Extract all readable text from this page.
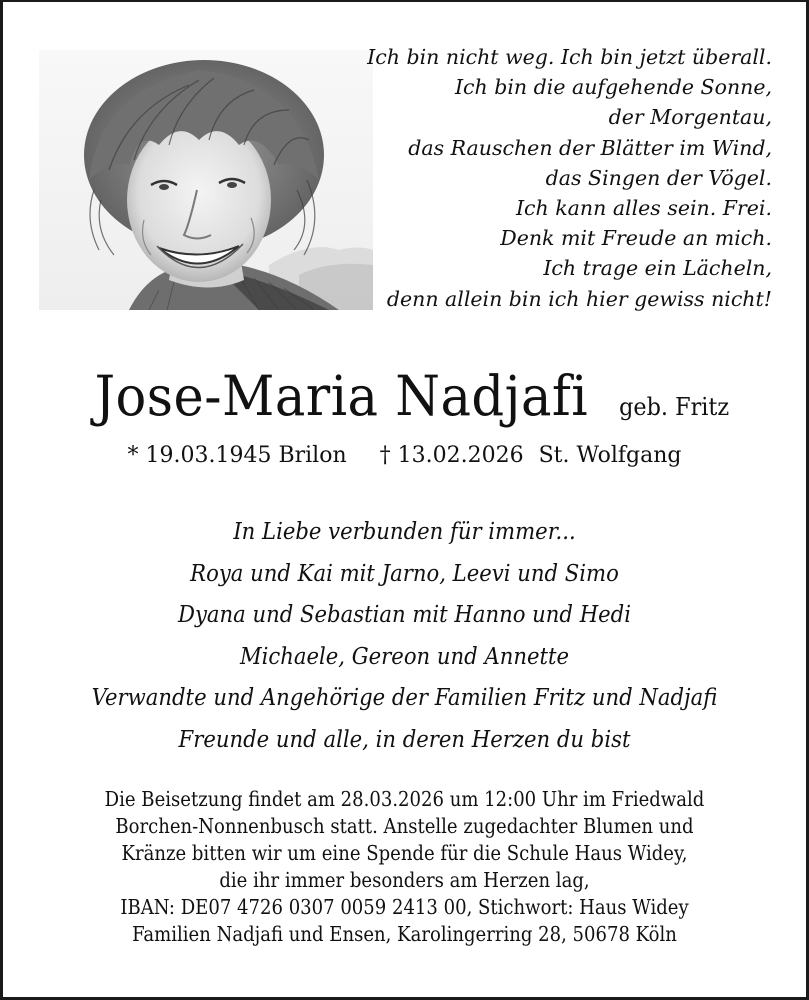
Ich bin nicht weg. Ich bin jetzt überall.
Ich bin die aufgehende Sonne,
der Morgentau,
das Rauschen der Blätter im Wind,
das Singen der Vögel.
Ich kann alles sein. Frei.
Denk mit Freude an mich.
Ich trage ein Lächeln,
denn allein bin ich hier gewiss nicht!
Jose-Maria Nadjafi geb. Fritz
* 19.03.1945 Brilon † 13.02.2026 St. Wolfgang
In Liebe verbunden für immer...
Roya und Kai mit Jarno, Leevi und Simo
Dyana und Sebastian mit Hanno und Hedi
Michaele, Gereon und Annette
Verwandte und Angehörige der Familien Fritz und Nadjafi
Freunde und alle, in deren Herzen du bist
Die Beisetzung findet am 28.03.2026 um 12:00 Uhr im Friedwald
Borchen-Nonnenbusch statt. Anstelle zugedachter Blumen und
Kränze bitten wir um eine Spende für die Schule Haus Widey,
die ihr immer besonders am Herzen lag,
IBAN: DE07 4726 0307 0059 2413 00, Stichwort: Haus Widey
Familien Nadjafi und Ensen, Karolingerring 28, 50678 Köln
